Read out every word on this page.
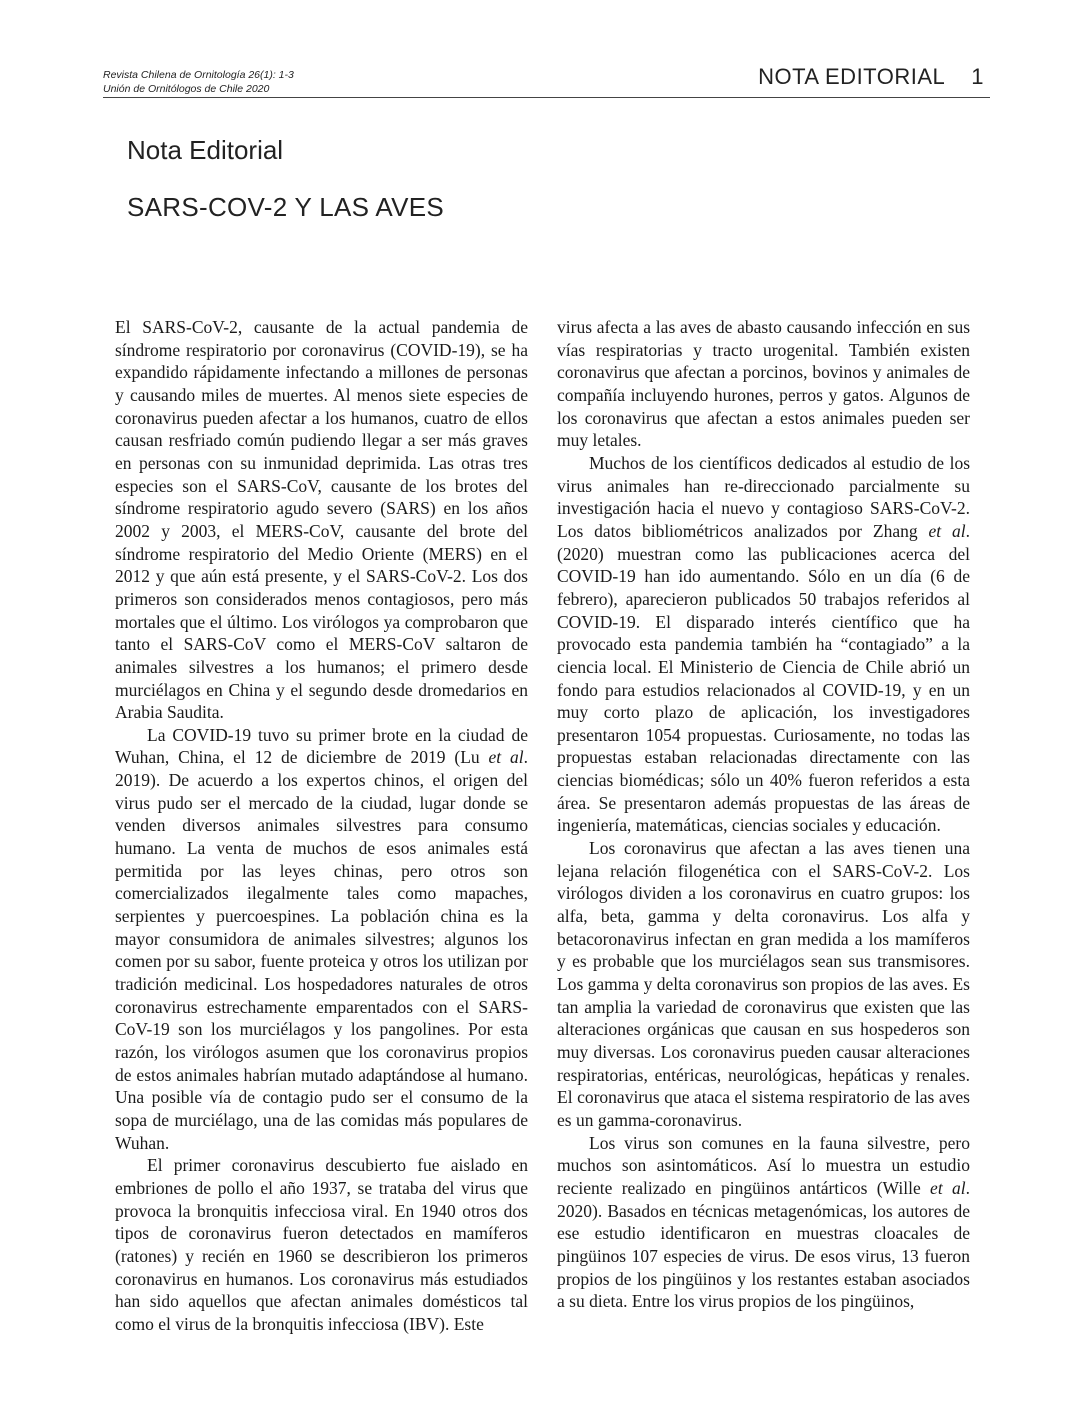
Revista Chilena de Ornitología 26(1): 1-3
Unión de Ornitólogos de Chile 2020	NOTA EDITORIAL 1
Nota Editorial
SARS-COV-2 Y LAS AVES

El SARS-CoV-2, causante de la actual pandemia de síndrome respiratorio por coronavirus (COVID-19), se ha expandido rápidamente infectando a millones de personas y causando miles de muertes. Al menos siete especies de coronavirus pueden afectar a los humanos, cuatro de ellos causan resfriado común pudiendo llegar a ser más graves en personas con su inmunidad deprimida. Las otras tres especies son el SARS-CoV, causante de los brotes del síndrome respiratorio agudo severo (SARS) en los años 2002 y 2003, el MERS-CoV, causante del brote del síndrome respiratorio del Medio Oriente (MERS) en el 2012 y que aún está presente, y el SARS-CoV-2. Los dos primeros son considerados menos contagiosos, pero más mortales que el último. Los virólogos ya comprobaron que tanto el SARS-CoV como el MERS-CoV saltaron de animales silvestres a los humanos; el primero desde murciélagos en China y el segundo desde dromedarios en Arabia Saudita.

La COVID-19 tuvo su primer brote en la ciudad de Wuhan, China, el 12 de diciembre de 2019 (Lu et al. 2019). De acuerdo a los expertos chinos, el origen del virus pudo ser el mercado de la ciudad, lugar donde se venden diversos animales silvestres para consumo humano. La venta de muchos de esos animales está permitida por las leyes chinas, pero otros son comercializados ilegalmente tales como mapaches, serpientes y puercoespines. La población china es la mayor consumidora de animales silvestres; algunos los comen por su sabor, fuente proteica y otros los utilizan por tradición medicinal. Los hospedadores naturales de otros coronavirus estrechamente emparentados con el SARS-CoV-19 son los murciélagos y los pangolines. Por esta razón, los virólogos asumen que los coronavirus propios de estos animales habrían mutado adaptándose al humano. Una posible vía de contagio pudo ser el consumo de la sopa de murciélago, una de las comidas más populares de Wuhan.

El primer coronavirus descubierto fue aislado en embriones de pollo el año 1937, se trataba del virus que provoca la bronquitis infecciosa viral. En 1940 otros dos tipos de coronavirus fueron detectados en mamíferos (ratones) y recién en 1960 se describieron los primeros coronavirus en humanos. Los coronavirus más estudiados han sido aquellos que afectan animales domésticos tal como el virus de la bronquitis infecciosa (IBV). Este

virus afecta a las aves de abasto causando infección en sus vías respiratorias y tracto urogenital. También existen coronavirus que afectan a porcinos, bovinos y animales de compañía incluyendo hurones, perros y gatos. Algunos de los coronavirus que afectan a estos animales pueden ser muy letales.

Muchos de los científicos dedicados al estudio de los virus animales han re-direccionado parcialmente su investigación hacia el nuevo y contagioso SARS-CoV-2. Los datos bibliométricos analizados por Zhang et al. (2020) muestran como las publicaciones acerca del COVID-19 han ido aumentando. Sólo en un día (6 de febrero), aparecieron publicados 50 trabajos referidos al COVID-19. El disparado interés científico que ha provocado esta pandemia también ha “contagiado” a la ciencia local. El Ministerio de Ciencia de Chile abrió un fondo para estudios relacionados al COVID-19, y en un muy corto plazo de aplicación, los investigadores presentaron 1054 propuestas. Curiosamente, no todas las propuestas estaban relacionadas directamente con las ciencias biomédicas; sólo un 40% fueron referidos a esta área. Se presentaron además propuestas de las áreas de ingeniería, matemáticas, ciencias sociales y educación.

Los coronavirus que afectan a las aves tienen una lejana relación filogenética con el SARS-CoV-2. Los virólogos dividen a los coronavirus en cuatro grupos: los alfa, beta, gamma y delta coronavirus. Los alfa y betacoronavirus infectan en gran medida a los mamíferos y es probable que los murciélagos sean sus transmisores. Los gamma y delta coronavirus son propios de las aves. Es tan amplia la variedad de coronavirus que existen que las alteraciones orgánicas que causan en sus hospederos son muy diversas. Los coronavirus pueden causar alteraciones respiratorias, entéricas, neurológicas, hepáticas y renales. El coronavirus que ataca el sistema respiratorio de las aves es un gamma-coronavirus.

Los virus son comunes en la fauna silvestre, pero muchos son asintomáticos. Así lo muestra un estudio reciente realizado en pingüinos antárticos (Wille et al. 2020). Basados en técnicas metagenómicas, los autores de ese estudio identificaron en muestras cloacales de pingüinos 107 especies de virus. De esos virus, 13 fueron propios de los pingüinos y los restantes estaban asociados a su dieta. Entre los virus propios de los pingüinos,
